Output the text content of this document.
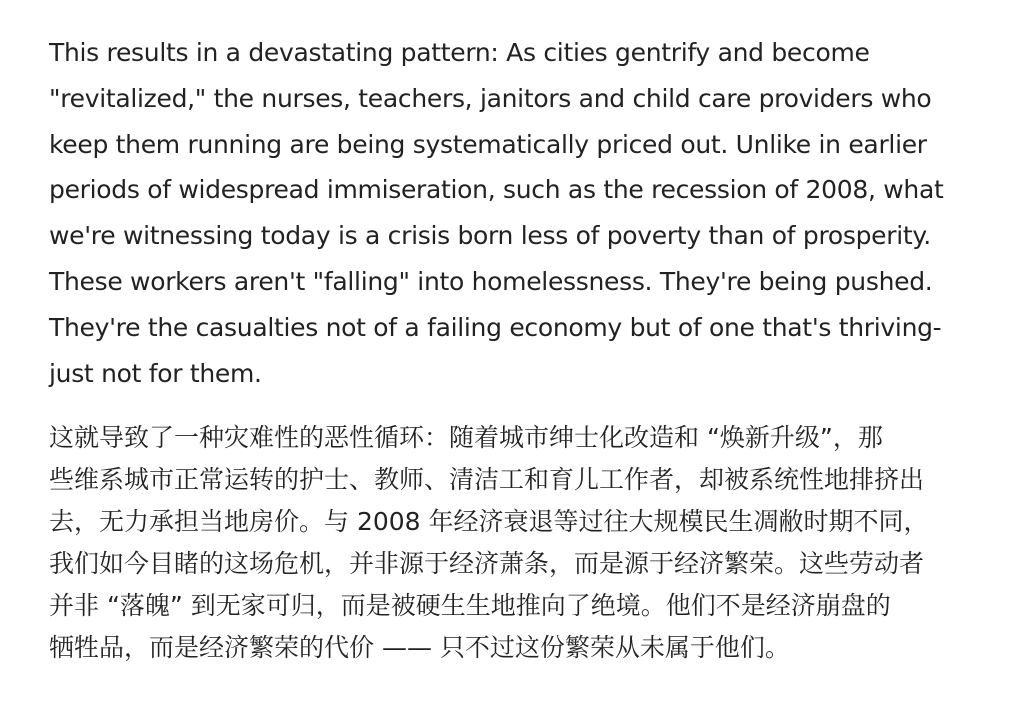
This results in a devastating pattern: As cities gentrify and become
"revitalized," the nurses, teachers, janitors and child care providers who
keep them running are being systematically priced out. Unlike in earlier
periods of widespread immiseration, such as the recession of 2008, what
we're witnessing today is a crisis born less of poverty than of prosperity.
These workers aren't "falling" into homelessness. They're being pushed.
They're the casualties not of a failing economy but of one that's thriving-
just not for them.

这就导致了一种灾难性的恶性循环：随着城市绅士化改造和 “焕新升级”，那
些维系城市正常运转的护士、教师、清洁工和育儿工作者，却被系统性地排挤出
去，无力承担当地房价。与 2008 年经济衰退等过往大规模民生凋敝时期不同，
我们如今目睹的这场危机，并非源于经济萧条，而是源于经济繁荣。这些劳动者
并非 “落魄” 到无家可归，而是被硬生生地推向了绝境。他们不是经济崩盘的
牺牲品，而是经济繁荣的代价 —— 只不过这份繁荣从未属于他们。
